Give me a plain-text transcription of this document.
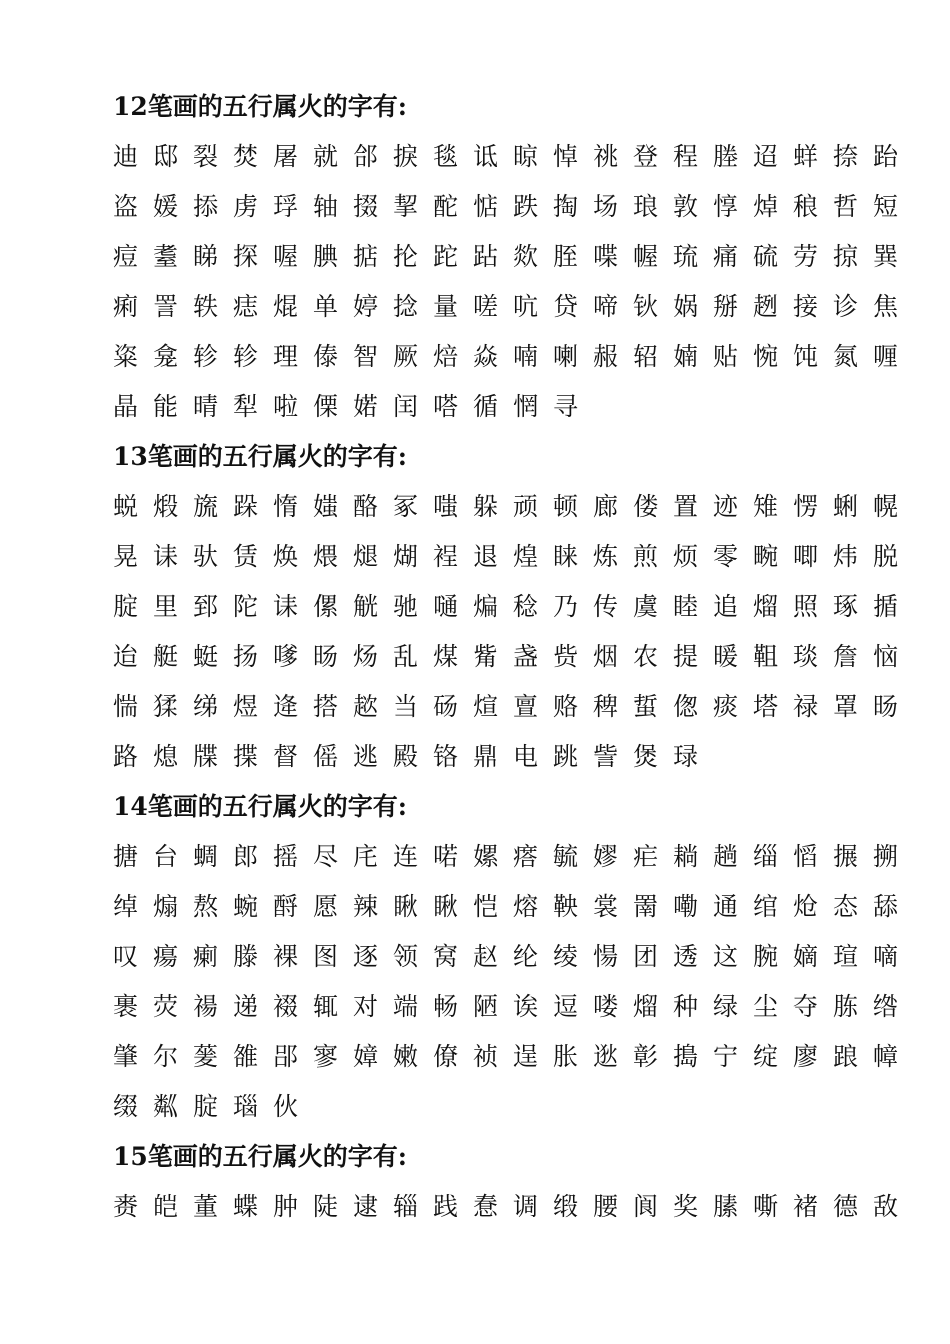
12笔画的五行属火的字有:
迪 邸 裂 焚 屠 就 郃 捩 毯 诋 晾 悼 祧 登 程 塍 迢 蛘 捺 跆
盗 媛 掭 虏 琈 轴 掇 挈 酡 惦 跌 掏 场 琅 敦 惇 焯 稂 哲 短
痘 耋 睇 探 喔 腆 掂 抡 跎 跕 欻 胵 喋 幄 琉 痛 硫 劳 掠 巽
痢 詈 轶 痣 焜 单 婷 捻 量 嗟 吭 贷 啼 钬 娲 掰 趔 接 诊 焦
粢 龛 轸 轸 理 傣 智 厥 焙 焱 喃 喇 赧 轺 婻 贴 惋 饨 氮 喱
晶 能 晴 犁 啦 傈 婼 闰 嗒 循 惘 寻
13笔画的五行属火的字有:
蜕 煅 旒 跺 惰 媸 酪 冢 嗤 躲 顽 顿 廊 偻 置 迹 雉 愣 蜊 幌
晃 诔 驮 赁 焕 煨 煺 煳 裎 退 煌 睐 炼 煎 烦 零 畹 唧 炜 脱
腚 里 郅 陀 诔 傫 觥 驰 嗵 煸 稔 乃 传 虞 睦 追 熘 照 琢 揗
迨 艇 蜓 扬 嗲 旸 炀 乱 煤 觜 盏 赀 烟 农 提 暖 靻 琰 詹 恼
惴 猱 绨 煜 逄 搭 趑 当 砀 煊 亶 赂 稗 蜇 偬 痰 塔 禄 罩 旸
路 熄 牒 揲 督 傜 逃 殿 铬 鼎 电 跳 訾 煲 琭
14笔画的五行属火的字有:
搪 台 蜩 郎 摇 尽 㡯 连 喏 嫘 瘩 毓 嫪 疟 耥 趟 缁 慆 搌 搠
绰 煽 熬 蜿 酹 愿 辣 瞅 瞅 恺 熔 鞅 裳 罱 嘞 通 绾 炝 态 舔
叹 瘍 瘌 滕 裸 图 逐 领 窝 赵 纶 绫 愓 团 透 这 腕 嫡 瑄 嘀
裹 荧 禓 递 裰 辄 对 端 畅 陋 诶 逗 喽 熘 种 绿 尘 夺 胨 绺
肇 尔 蓌 雒 郘 寥 嫜 嫩 僚 祯 逞 胀 逖 彰 搗 宁 绽 廖 踉 幛
缀 粼 腚 瑙 伙
15笔画的五行属火的字有:
赉 皑 董 蝶 肿 陡 逮 辎 践 惷 调 缎 腰 阆 奖 膆 嘶 褚 德 敌
